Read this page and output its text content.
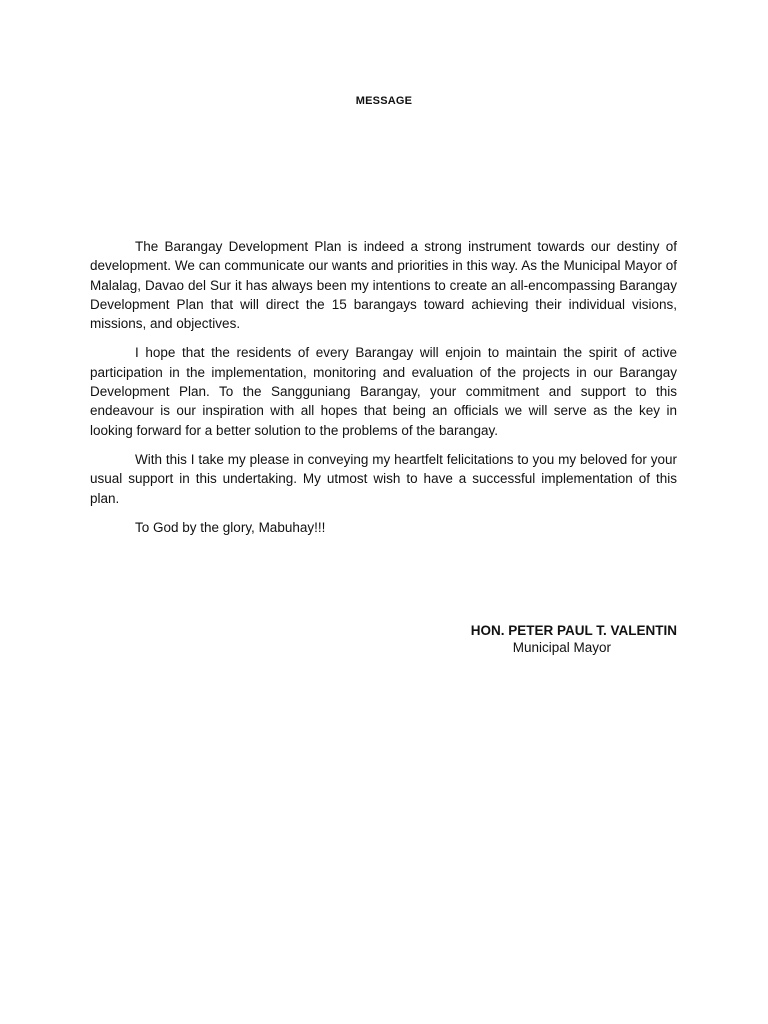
MESSAGE

The Barangay Development Plan is indeed a strong instrument towards our destiny of development. We can communicate our wants and priorities in this way. As the Municipal Mayor of Malalag, Davao del Sur it has always been my intentions to create an all-encompassing Barangay Development Plan that will direct the 15 barangays toward achieving their individual visions, missions, and objectives.

I hope that the residents of every Barangay will enjoin to maintain the spirit of active participation in the implementation, monitoring and evaluation of the projects in our Barangay Development Plan. To the Sangguniang Barangay, your commitment and support to this endeavour is our inspiration with all hopes that being an officials we will serve as the key in looking forward for a better solution to the problems of the barangay.

With this I take my please in conveying my heartfelt felicitations to you my beloved for your usual support in this undertaking. My utmost wish to have a successful implementation of this plan.

To God by the glory, Mabuhay!!!

HON. PETER PAUL T. VALENTIN
Municipal Mayor
